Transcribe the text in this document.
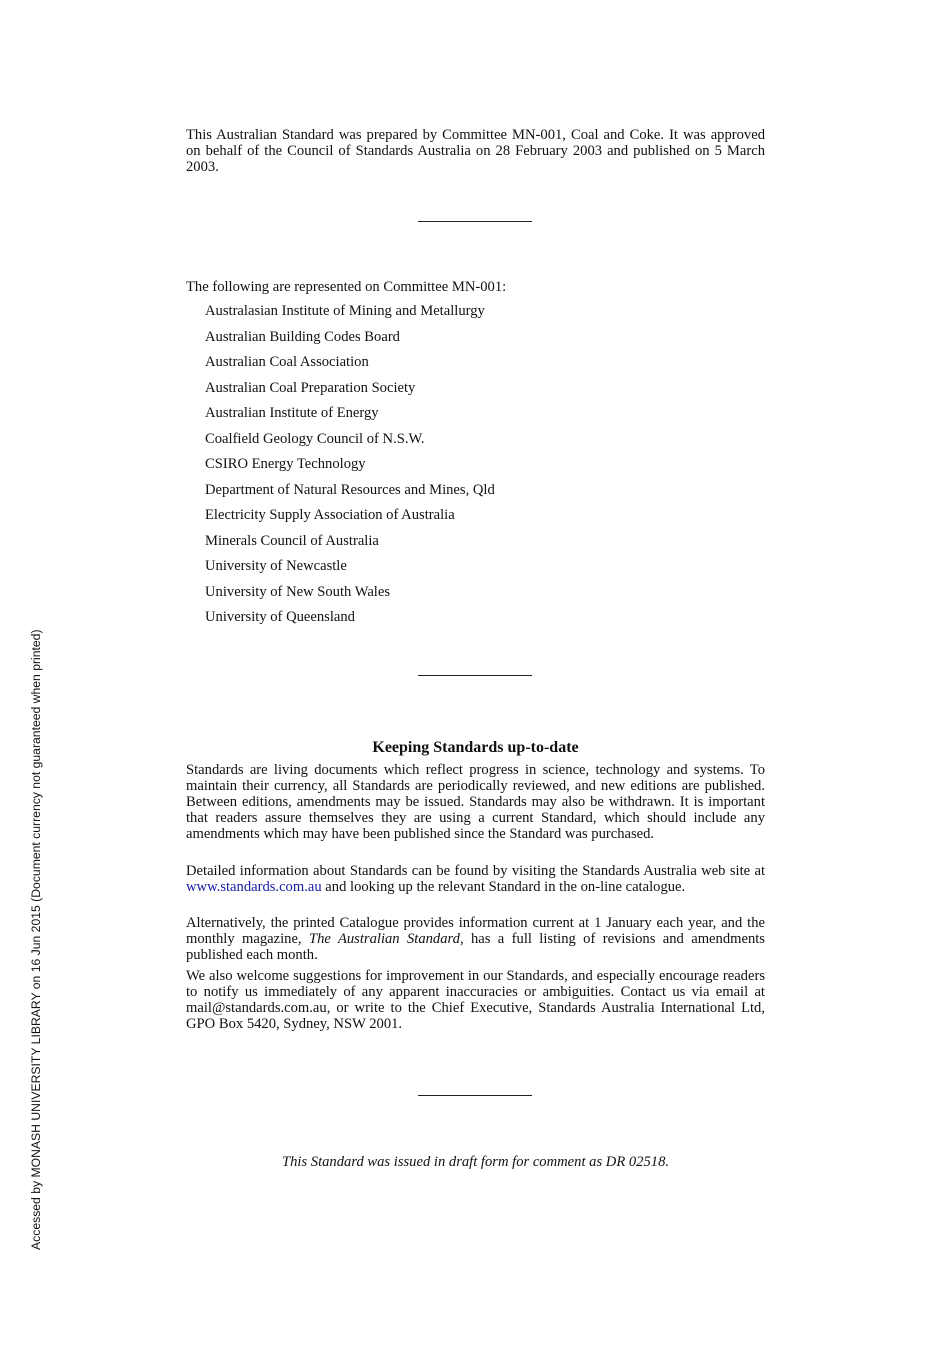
This Australian Standard was prepared by Committee MN-001, Coal and Coke. It was approved on behalf of the Council of Standards Australia on 28 February 2003 and published on 5 March 2003.

The following are represented on Committee MN-001:
Australasian Institute of Mining and Metallurgy
Australian Building Codes Board
Australian Coal Association
Australian Coal Preparation Society
Australian Institute of Energy
Coalfield Geology Council of N.S.W.
CSIRO Energy Technology
Department of Natural Resources and Mines, Qld
Electricity Supply Association of Australia
Minerals Council of Australia
University of Newcastle
University of New South Wales
University of Queensland
Keeping Standards up-to-date

Standards are living documents which reflect progress in science, technology and systems. To maintain their currency, all Standards are periodically reviewed, and new editions are published. Between editions, amendments may be issued. Standards may also be withdrawn. It is important that readers assure themselves they are using a current Standard, which should include any amendments which may have been published since the Standard was purchased.

Detailed information about Standards can be found by visiting the Standards Australia web site at www.standards.com.au and looking up the relevant Standard in the on-line catalogue.

Alternatively, the printed Catalogue provides information current at 1 January each year, and the monthly magazine, The Australian Standard, has a full listing of revisions and amendments published each month.

We also welcome suggestions for improvement in our Standards, and especially encourage readers to notify us immediately of any apparent inaccuracies or ambiguities. Contact us via email at mail@standards.com.au, or write to the Chief Executive, Standards Australia International Ltd, GPO Box 5420, Sydney, NSW 2001.

This Standard was issued in draft form for comment as DR 02518.
Accessed by MONASH UNIVERSITY LIBRARY on 16 Jun 2015 (Document currency not guaranteed when printed)
